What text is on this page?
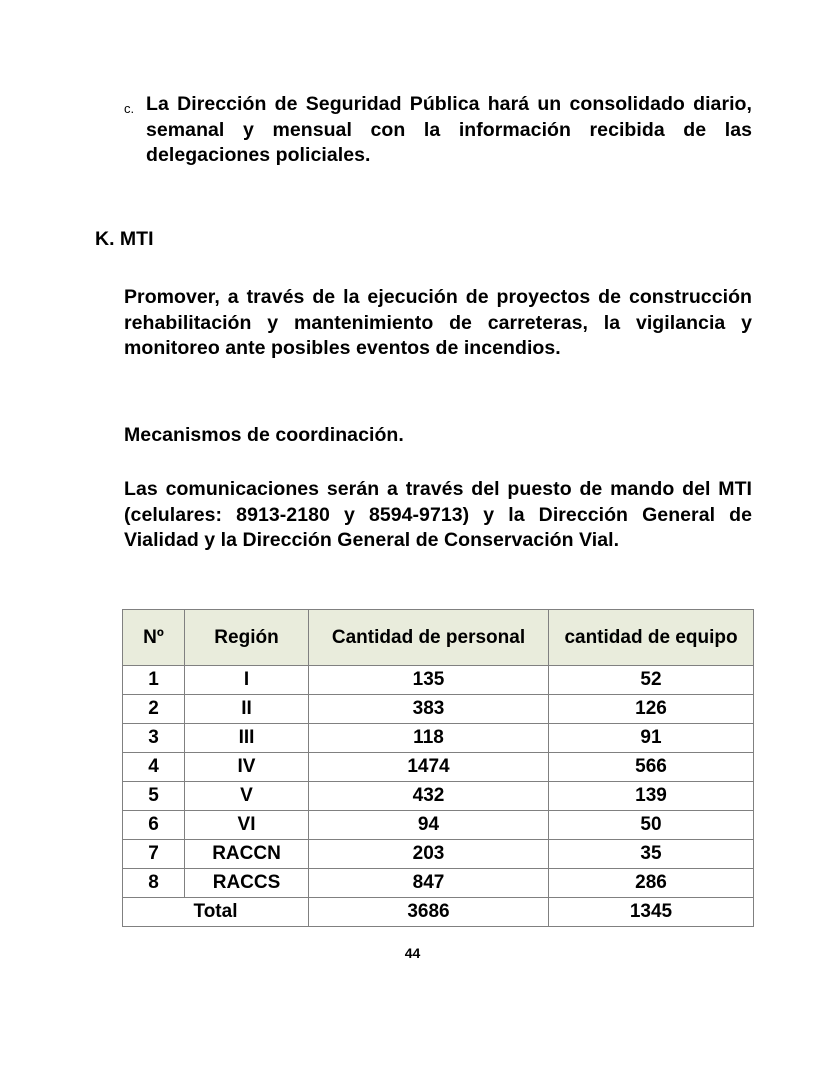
c. La Dirección de Seguridad Pública hará un consolidado diario, semanal y mensual con la información recibida de las delegaciones policiales.
K. MTI
Promover, a través de la ejecución de proyectos de construcción rehabilitación y mantenimiento de carreteras, la vigilancia y monitoreo ante posibles eventos de incendios.
Mecanismos de coordinación.
Las comunicaciones serán a través del puesto de mando del MTI (celulares: 8913-2180 y 8594-9713) y la Dirección General de Vialidad y la Dirección General de Conservación Vial.
Nº	Región	Cantidad de personal	cantidad de equipo
1	I	135	52
2	II	383	126
3	III	118	91
4	IV	1474	566
5	V	432	139
6	VI	94	50
7	RACCN	203	35
8	RACCS	847	286
Total		3686	1345
44
